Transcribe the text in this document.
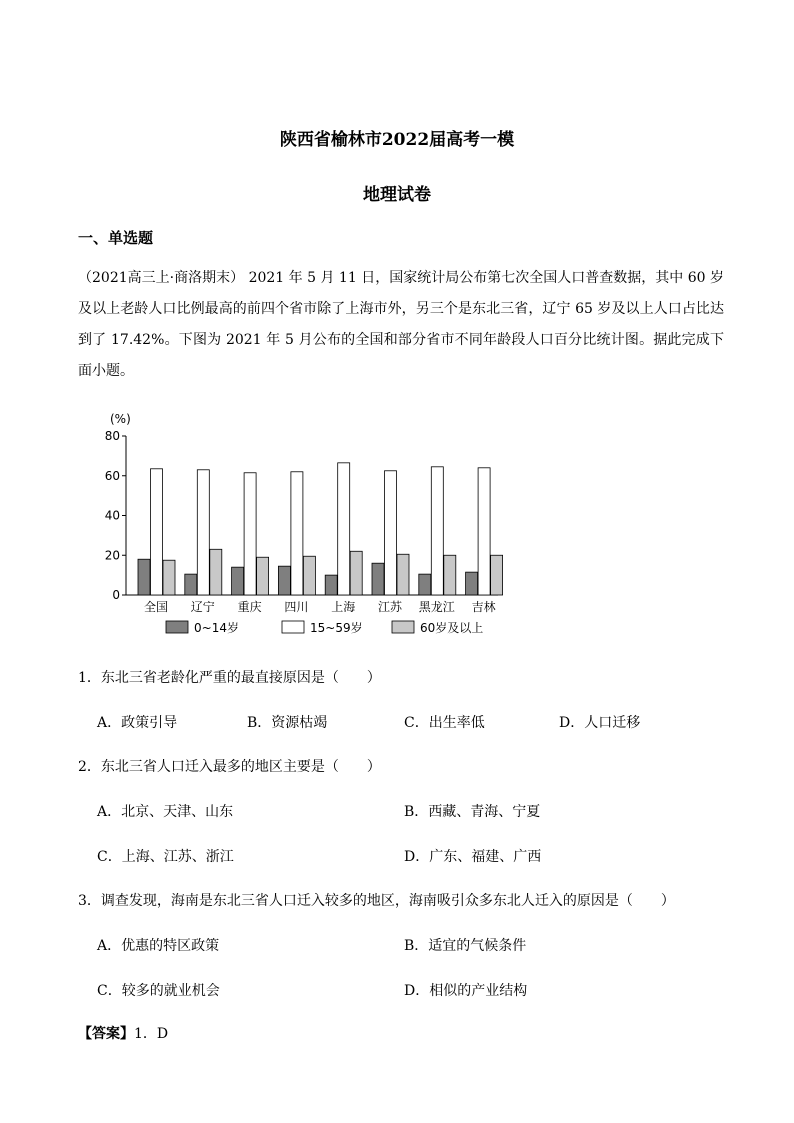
陕西省榆林市2022届高考一模
地理试卷
一、单选题
（2021高三上·商洛期末） 2021 年 5 月 11 日，国家统计局公布第七次全国人口普查数据，其中 60 岁及以上老龄人口比例最高的前四个省市除了上海市外，另三个是东北三省，辽宁 65 岁及以上人口占比达到了 17.42%。下图为 2021 年 5 月公布的全国和部分省市不同年龄段人口百分比统计图。据此完成下面小题。
(%)
80
60
40
20
0
全国 辽宁 重庆 四川 上海 江苏 黑龙江 吉林
0~14岁	15~59岁	60岁及以上
1．东北三省老龄化严重的最直接原因是（　　）
A．政策引导	B．资源枯竭	C．出生率低	D．人口迁移
2．东北三省人口迁入最多的地区主要是（　　）
A．北京、天津、山东	B．西藏、青海、宁夏
C．上海、江苏、浙江	D．广东、福建、广西
3．调查发现，海南是东北三省人口迁入较多的地区，海南吸引众多东北人迁入的原因是（　　）
A．优惠的特区政策	B．适宜的气候条件
C．较多的就业机会	D．相似的产业结构
【答案】1．D
